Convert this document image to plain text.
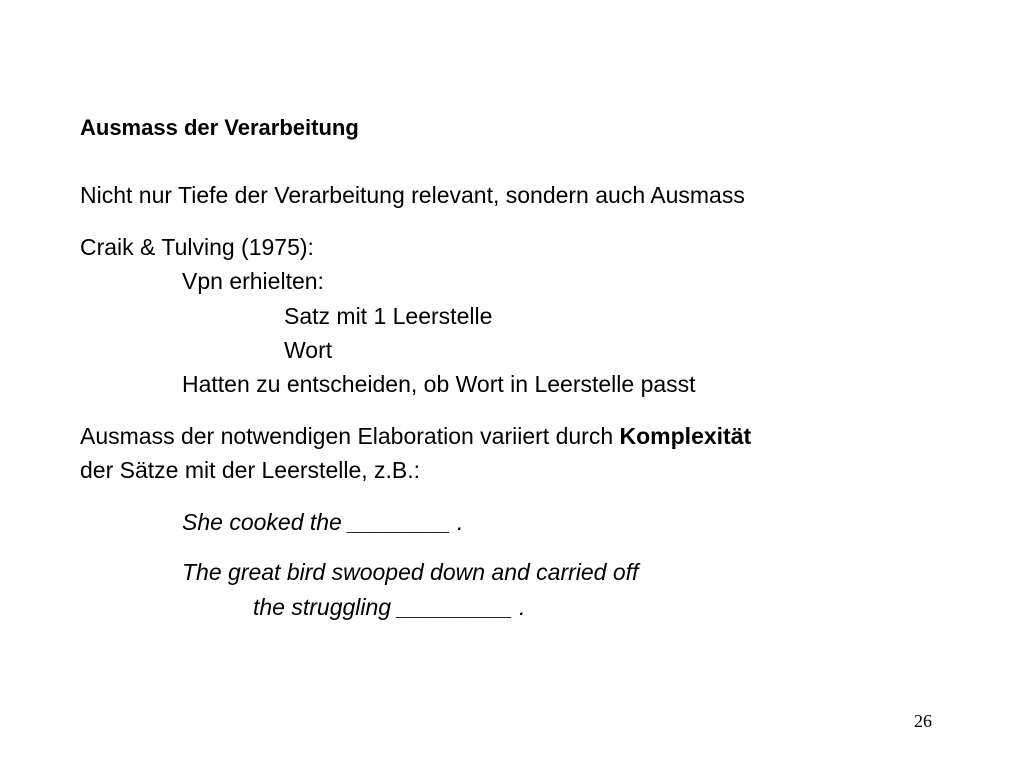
Ausmass der Verarbeitung
Nicht nur Tiefe der Verarbeitung relevant, sondern auch Ausmass
Craik & Tulving (1975):
Vpn erhielten:
Satz mit 1 Leerstelle
Wort
Hatten zu entscheiden, ob Wort in Leerstelle passt
Ausmass der notwendigen Elaboration variiert durch Komplexität
der Sätze mit der Leerstelle, z.B.:
She cooked the ________ .
The great bird swooped down and carried off
the struggling _________ .
26
